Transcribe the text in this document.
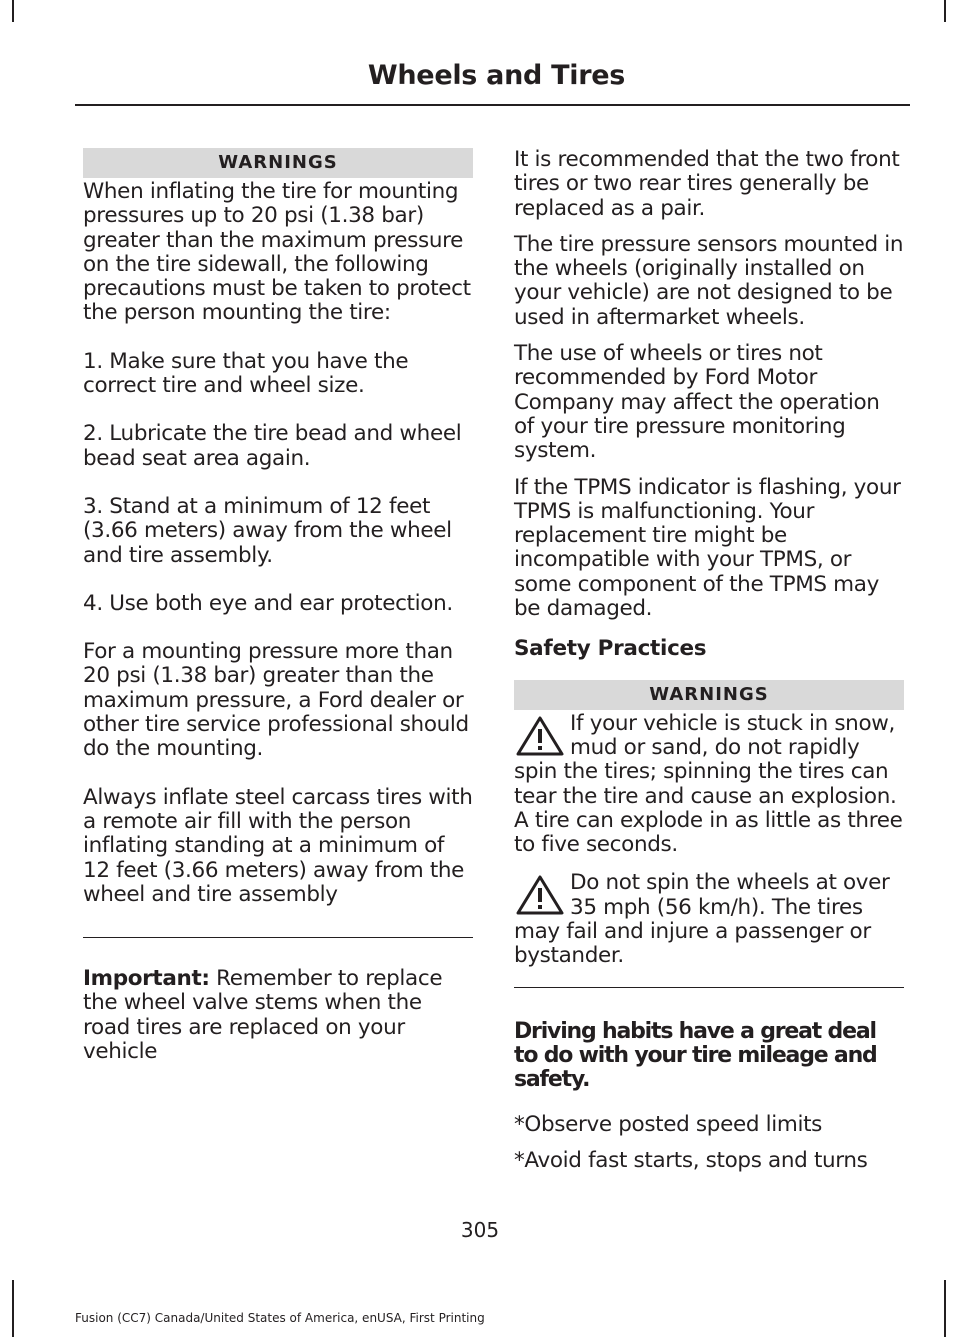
Wheels and Tires
WARNINGS

When inflating the tire for mounting pressures up to 20 psi (1.38 bar) greater than the maximum pressure on the tire sidewall, the following precautions must be taken to protect the person mounting the tire:

1. Make sure that you have the correct tire and wheel size.

2. Lubricate the tire bead and wheel bead seat area again.

3. Stand at a minimum of 12 feet (3.66 meters) away from the wheel and tire assembly.

4. Use both eye and ear protection.

For a mounting pressure more than 20 psi (1.38 bar) greater than the maximum pressure, a Ford dealer or other tire service professional should do the mounting.

Always inflate steel carcass tires with a remote air fill with the person inflating standing at a minimum of 12 feet (3.66 meters) away from the wheel and tire assembly

Important: Remember to replace the wheel valve stems when the road tires are replaced on your vehicle

It is recommended that the two front tires or two rear tires generally be replaced as a pair.

The tire pressure sensors mounted in the wheels (originally installed on your vehicle) are not designed to be used in aftermarket wheels.

The use of wheels or tires not recommended by Ford Motor Company may affect the operation of your tire pressure monitoring system.

If the TPMS indicator is flashing, your TPMS is malfunctioning. Your replacement tire might be incompatible with your TPMS, or some component of the TPMS may be damaged.

Safety Practices
WARNINGS
If your vehicle is stuck in snow, mud or sand, do not rapidly spin the tires; spinning the tires can tear the tire and cause an explosion. A tire can explode in as little as three to five seconds.
Do not spin the wheels at over 35 mph (56 km/h). The tires may fail and injure a passenger or bystander.
Driving habits have a great deal to do with your tire mileage and safety.

*Observe posted speed limits

*Avoid fast starts, stops and turns

305
Fusion (CC7) Canada/United States of America, enUSA, First Printing
